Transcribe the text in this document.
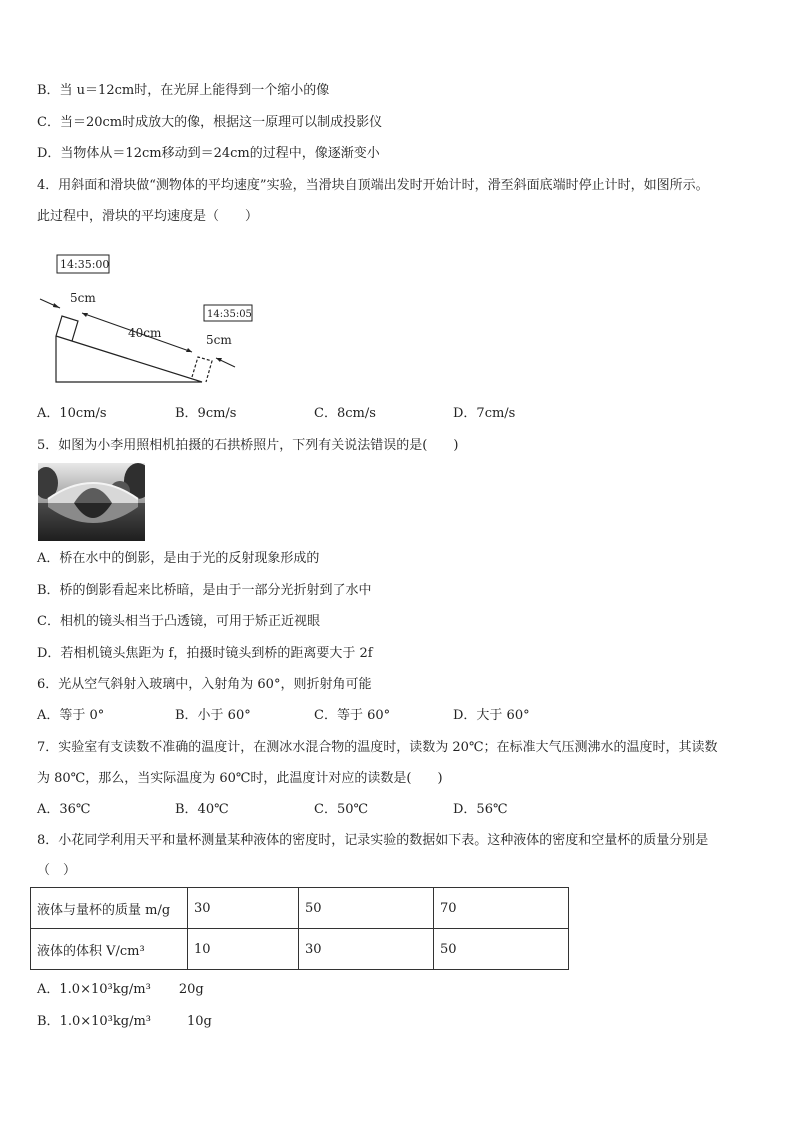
B．当 u＝12cm时，在光屏上能得到一个缩小的像
C．当＝20cm时成放大的像，根据这一原理可以制成投影仪
D．当物体从＝12cm移动到＝24cm的过程中，像逐渐变小
4．用斜面和滑块做“测物体的平均速度”实验，当滑块自顶端出发时开始计时，滑至斜面底端时停止计时，如图所示。
此过程中，滑块的平均速度是（　　）
14:35:00
14:35:05
5cm
40cm	5cm
A．10cm/s	B．9cm/s	C．8cm/s	D．7cm/s
5．如图为小李用照相机拍摄的石拱桥照片，下列有关说法错误的是(　　)
A．桥在水中的倒影，是由于光的反射现象形成的
B．桥的倒影看起来比桥暗，是由于一部分光折射到了水中
C．相机的镜头相当于凸透镜，可用于矫正近视眼
D．若相机镜头焦距为 f，拍摄时镜头到桥的距离要大于 2f
6．光从空气斜射入玻璃中，入射角为 60°，则折射角可能
A．等于 0°	B．小于 60°	C．等于 60°	D．大于 60°
7．实验室有支读数不准确的温度计，在测冰水混合物的温度时，读数为 20℃；在标准大气压测沸水的温度时，其读数
为 80℃，那么，当实际温度为 60℃时，此温度计对应的读数是(　　)
A．36℃	B．40℃	C．50℃	D．56℃
8．小花同学利用天平和量杯测量某种液体的密度时，记录实验的数据如下表。这种液体的密度和空量杯的质量分别是
（　）
液体与量杯的质量 m/g	30	50	70
液体的体积 V/cm³	10	30	50
A．1.0×10³kg/m³ 20g
B．1.0×10³kg/m³	10g
